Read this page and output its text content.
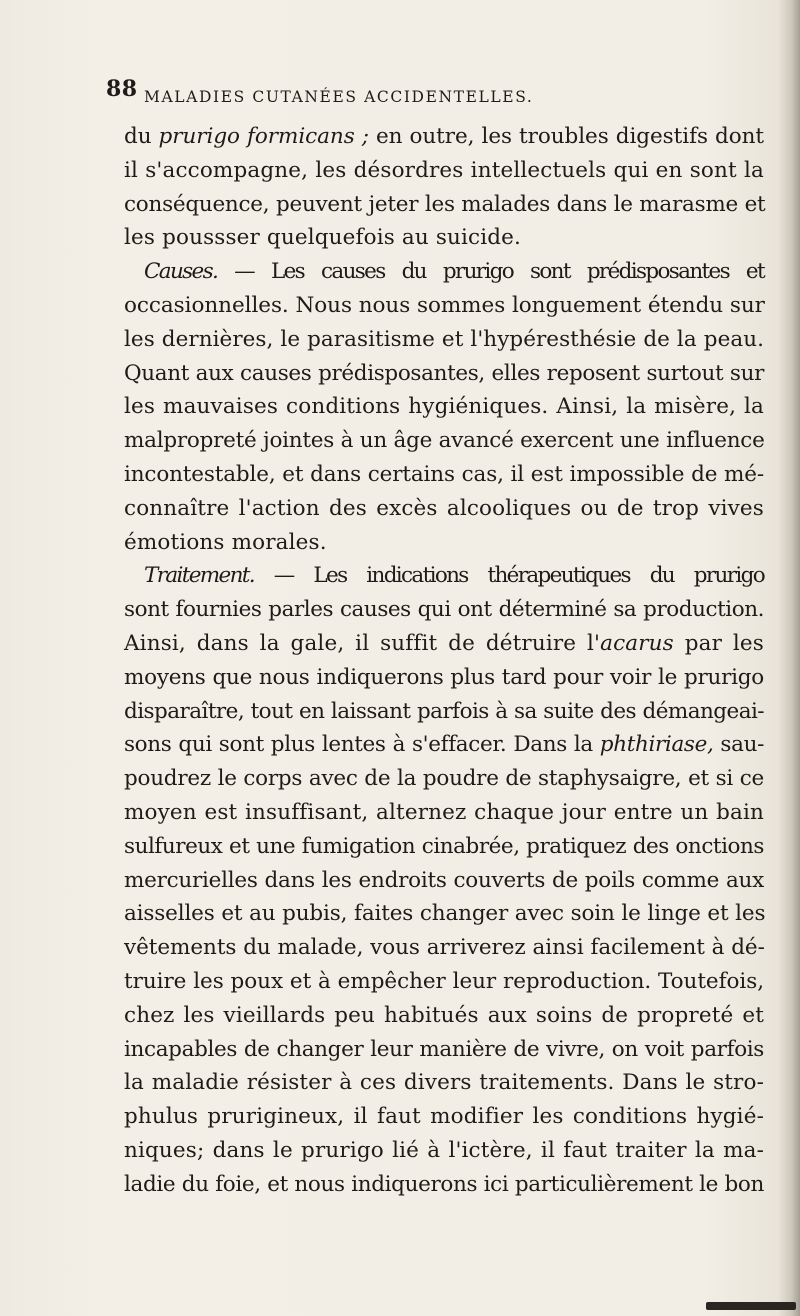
88 MALADIES CUTANÉES ACCIDENTELLES.
du prurigo formicans ; en outre, les troubles digestifs dont
il s'accompagne, les désordres intellectuels qui en sont la
conséquence, peuvent jeter les malades dans le marasme et
les poussser quelquefois au suicide.
Causes. — Les causes du prurigo sont prédisposantes et
occasionnelles. Nous nous sommes longuement étendu sur
les dernières, le parasitisme et l'hypéresthésie de la peau.
Quant aux causes prédisposantes, elles reposent surtout sur
les mauvaises conditions hygiéniques. Ainsi, la misère, la
malpropreté jointes à un âge avancé exercent une influence
incontestable, et dans certains cas, il est impossible de mé-
connaître l'action des excès alcooliques ou de trop vives
émotions morales.
Traitement. — Les indications thérapeutiques du prurigo
sont fournies parles causes qui ont déterminé sa production.
Ainsi, dans la gale, il suffit de détruire l'acarus par les
moyens que nous indiquerons plus tard pour voir le prurigo
disparaître, tout en laissant parfois à sa suite des démangeai-
sons qui sont plus lentes à s'effacer. Dans la phthiriase, sau-
poudrez le corps avec de la poudre de staphysaigre, et si ce
moyen est insuffisant, alternez chaque jour entre un bain
sulfureux et une fumigation cinabrée, pratiquez des onctions
mercurielles dans les endroits couverts de poils comme aux
aisselles et au pubis, faites changer avec soin le linge et les
vêtements du malade, vous arriverez ainsi facilement à dé-
truire les poux et à empêcher leur reproduction. Toutefois,
chez les vieillards peu habitués aux soins de propreté et
incapables de changer leur manière de vivre, on voit parfois
la maladie résister à ces divers traitements. Dans le stro-
phulus prurigineux, il faut modifier les conditions hygié-
niques; dans le prurigo lié à l'ictère, il faut traiter la ma-
ladie du foie, et nous indiquerons ici particulièrement le bon
